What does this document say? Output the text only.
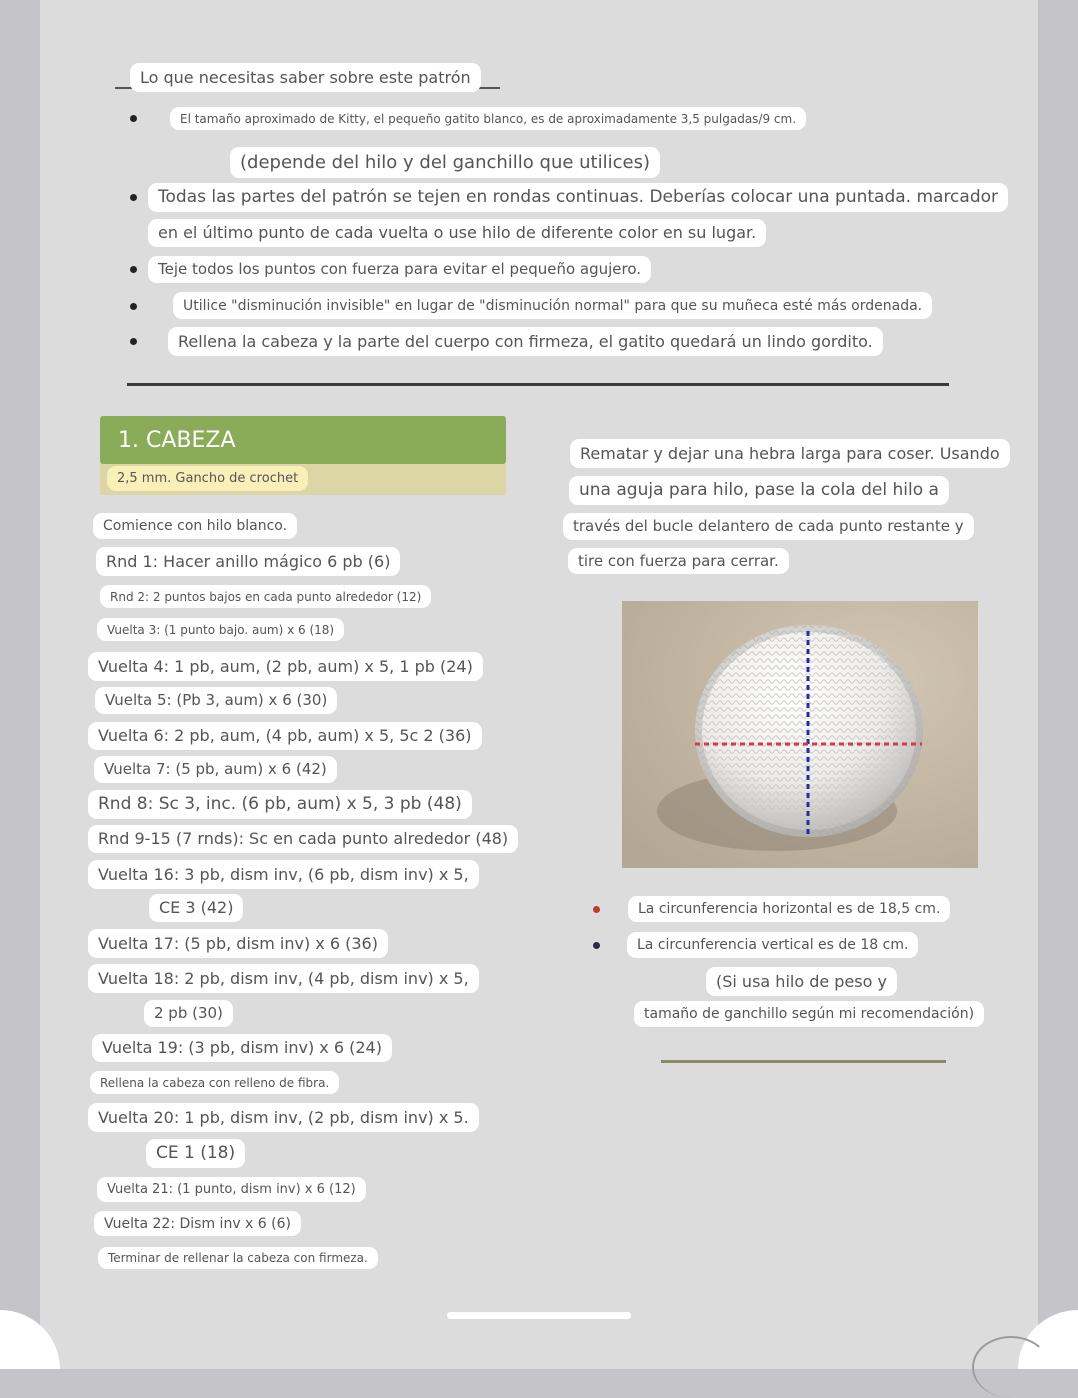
Lo que necesitas saber sobre este patrón
El tamaño aproximado de Kitty, el pequeño gatito blanco, es de aproximadamente 3,5 pulgadas/9 cm.
(depende del hilo y del ganchillo que utilices)
Todas las partes del patrón se tejen en rondas continuas. Deberías colocar una puntada. marcador
en el último punto de cada vuelta o use hilo de diferente color en su lugar.
Teje todos los puntos con fuerza para evitar el pequeño agujero.
Utilice "disminución invisible" en lugar de "disminución normal" para que su muñeca esté más ordenada.
Rellena la cabeza y la parte del cuerpo con firmeza, el gatito quedará un lindo gordito.
1. CABEZA
2,5 mm. Gancho de crochet
Comience con hilo blanco.
Rnd 1: Hacer anillo mágico 6 pb (6)
Rnd 2: 2 puntos bajos en cada punto alrededor (12)
Vuelta 3: (1 punto bajo. aum) x 6 (18)
Vuelta 4: 1 pb, aum, (2 pb, aum) x 5, 1 pb (24)
Vuelta 5: (Pb 3, aum) x 6 (30)
Vuelta 6: 2 pb, aum, (4 pb, aum) x 5, 5c 2 (36)
Vuelta 7: (5 pb, aum) x 6 (42)
Rnd 8: Sc 3, inc. (6 pb, aum) x 5, 3 pb (48)
Rnd 9-15 (7 rnds): Sc en cada punto alrededor (48)
Vuelta 16: 3 pb, dism inv, (6 pb, dism inv) x 5,
CE 3 (42)
Vuelta 17: (5 pb, dism inv) x 6 (36)
Vuelta 18: 2 pb, dism inv, (4 pb, dism inv) x 5,
2 pb (30)
Vuelta 19: (3 pb, dism inv) x 6 (24)
Rellena la cabeza con relleno de fibra.
Vuelta 20: 1 pb, dism inv, (2 pb, dism inv) x 5.
CE 1 (18)
Vuelta 21: (1 punto, dism inv) x 6 (12)
Vuelta 22: Dism inv x 6 (6)
Terminar de rellenar la cabeza con firmeza.
Rematar y dejar una hebra larga para coser. Usando
una aguja para hilo, pase la cola del hilo a
través del bucle delantero de cada punto restante y
tire con fuerza para cerrar.
La circunferencia horizontal es de 18,5 cm.
La circunferencia vertical es de 18 cm.
(Si usa hilo de peso y
tamaño de ganchillo según mi recomendación)
